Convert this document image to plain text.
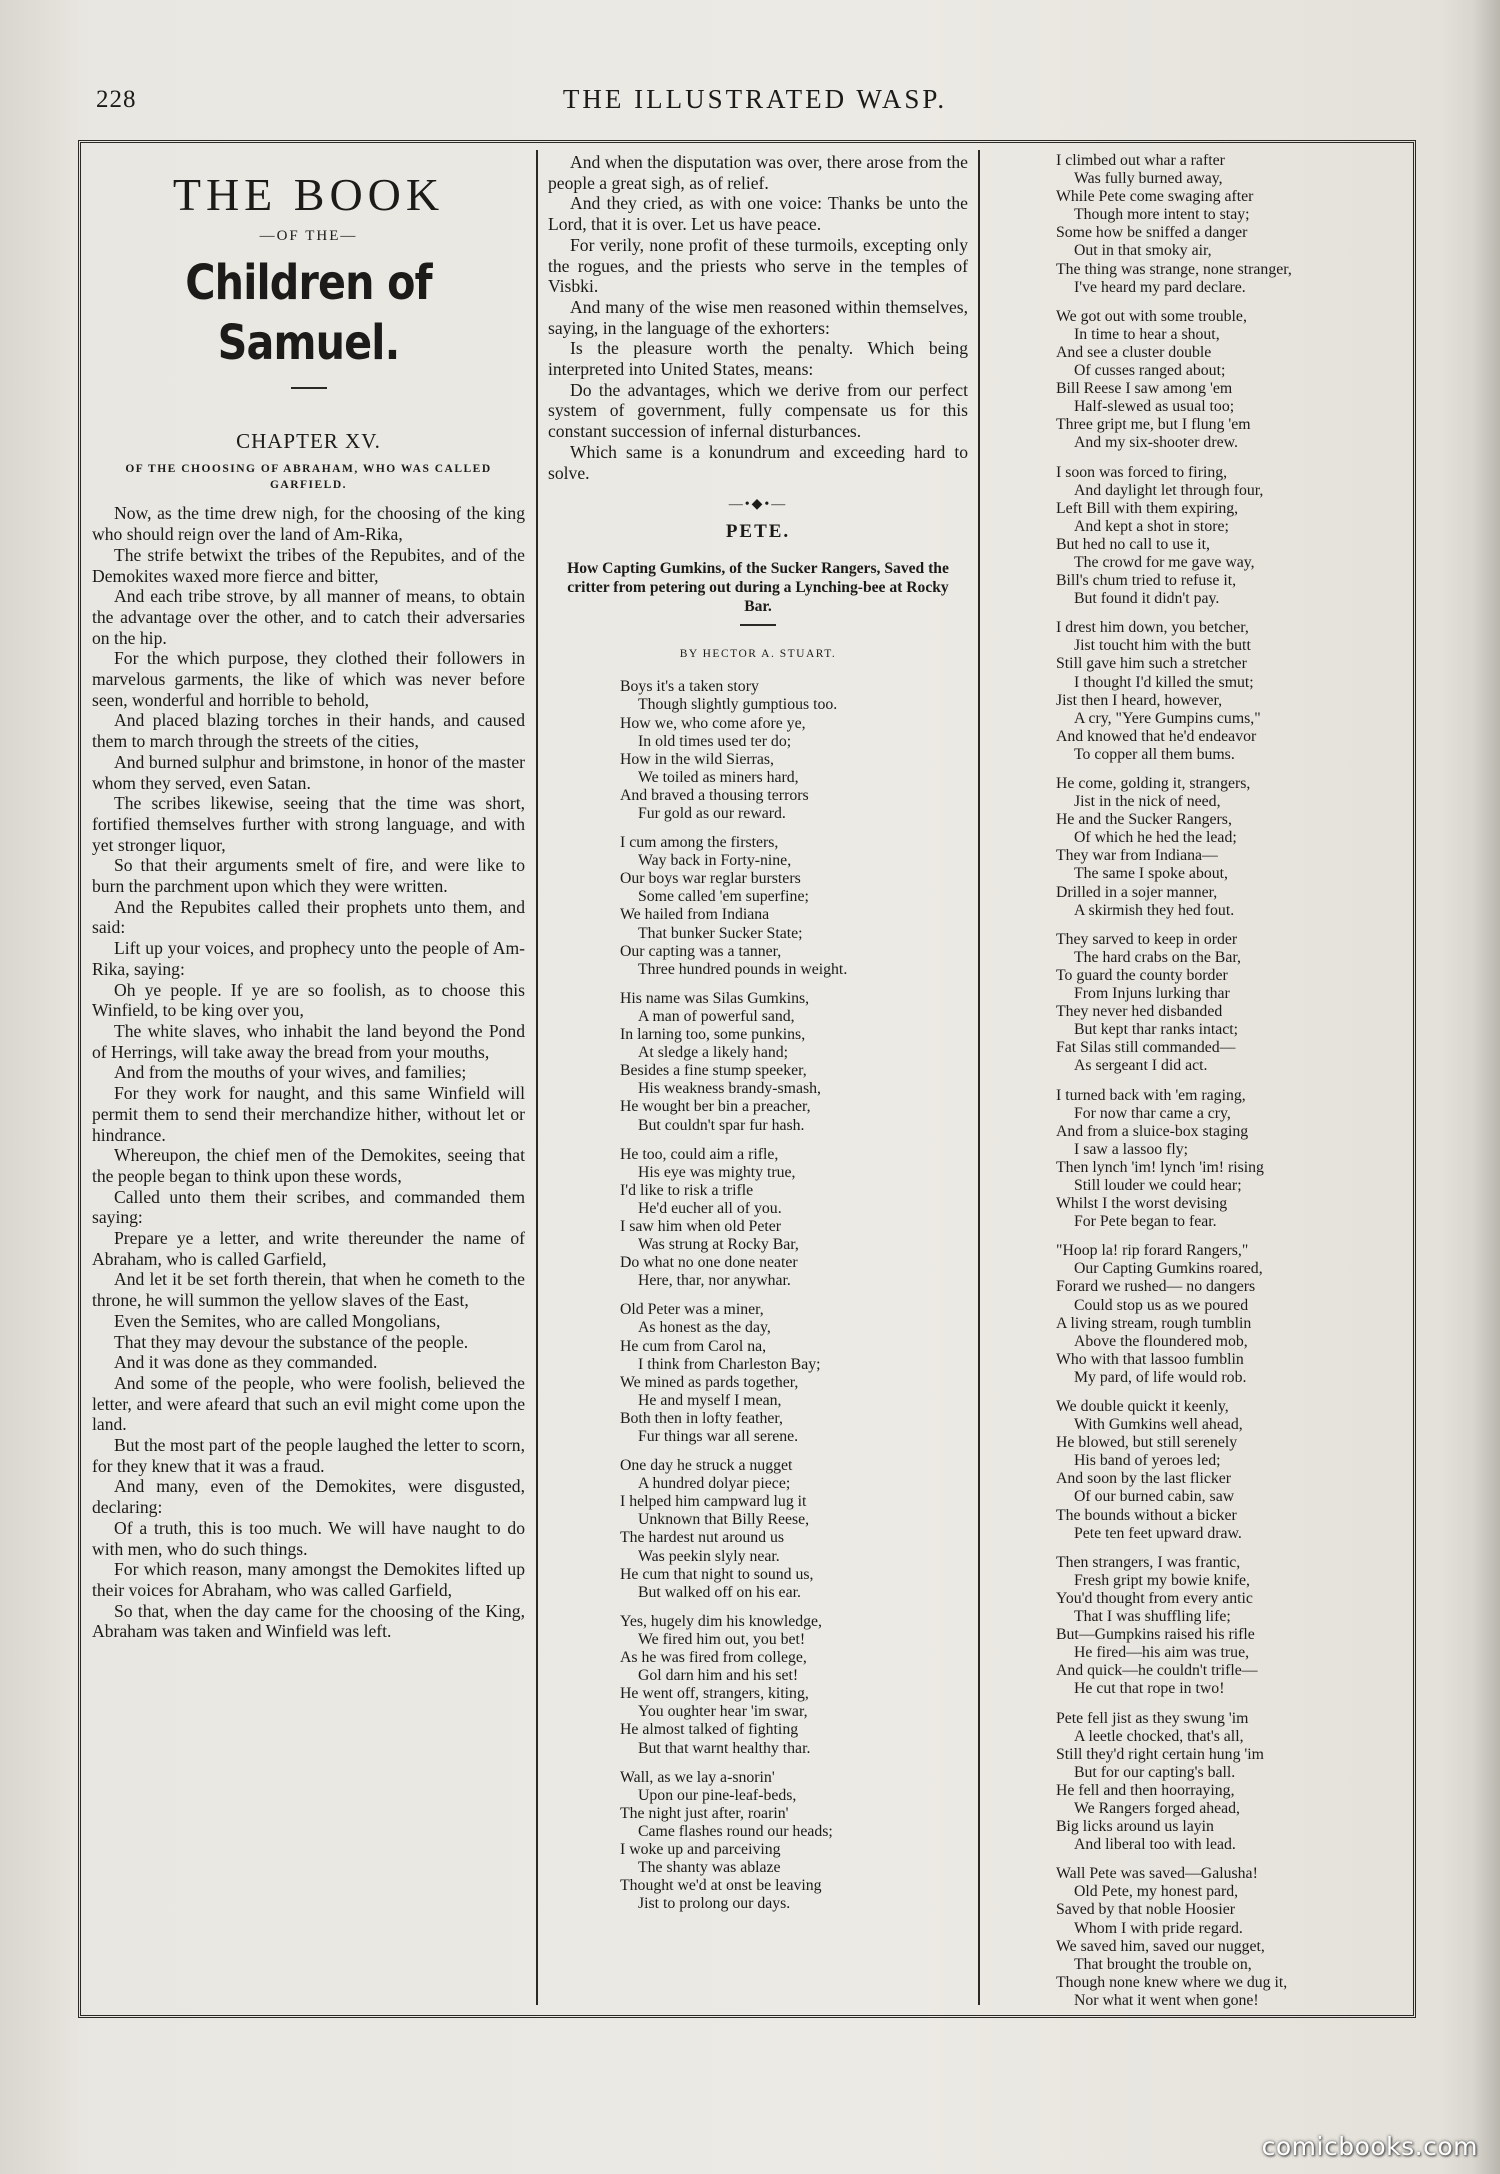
228	THE ILLUSTRATED WASP.
THE BOOK
—OF THE—
Children of Samuel.
CHAPTER XV.
OF THE CHOOSING OF ABRAHAM, WHO WAS CALLED GARFIELD.

Now, as the time drew nigh, for the choosing of the king who should reign over the land of Am-Rika,

The strife betwixt the tribes of the Repubites, and of the Demokites waxed more fierce and bitter,

And each tribe strove, by all manner of means, to obtain the advantage over the other, and to catch their adversaries on the hip.

For the which purpose, they clothed their followers in marvelous garments, the like of which was never before seen, wonderful and horrible to behold,

And placed blazing torches in their hands, and caused them to march through the streets of the cities,

And burned sulphur and brimstone, in honor of the master whom they served, even Satan.

The scribes likewise, seeing that the time was short, fortified themselves further with strong language, and with yet stronger liquor,

So that their arguments smelt of fire, and were like to burn the parchment upon which they were written.

And the Repubites called their prophets unto them, and said:

Lift up your voices, and prophecy unto the people of Am-Rika, saying:

Oh ye people. If ye are so foolish, as to choose this Winfield, to be king over you,

The white slaves, who inhabit the land beyond the Pond of Herrings, will take away the bread from your mouths,

And from the mouths of your wives, and families;

For they work for naught, and this same Winfield will permit them to send their merchandize hither, without let or hindrance.

Whereupon, the chief men of the Demokites, seeing that the people began to think upon these words,

Called unto them their scribes, and commanded them saying:

Prepare ye a letter, and write thereunder the name of Abraham, who is called Garfield,

And let it be set forth therein, that when he cometh to the throne, he will summon the yellow slaves of the East,

Even the Semites, who are called Mongolians,

That they may devour the substance of the people.

And it was done as they commanded.

And some of the people, who were foolish, believed the letter, and were afeard that such an evil might come upon the land.

But the most part of the people laughed the letter to scorn, for they knew that it was a fraud.

And many, even of the Demokites, were disgusted, declaring:

Of a truth, this is too much. We will have naught to do with men, who do such things.

For which reason, many amongst the Demokites lifted up their voices for Abraham, who was called Garfield,

So that, when the day came for the choosing of the King, Abraham was taken and Winfield was left.

And when the disputation was over, there arose from the people a great sigh, as of relief.

And they cried, as with one voice: Thanks be unto the Lord, that it is over. Let us have peace.

For verily, none profit of these turmoils, excepting only the rogues, and the priests who serve in the temples of Visbki.

And many of the wise men reasoned within themselves, saying, in the language of the exhorters:

Is the pleasure worth the penalty. Which being interpreted into United States, means:

Do the advantages, which we derive from our perfect system of government, fully compensate us for this constant succession of infernal disturbances.

Which same is a konundrum and exceeding hard to solve.

—•◆•—
PETE.
How Capting Gumkins, of the Sucker Rangers, Saved the critter from petering out during a Lynching-bee at Rocky Bar.
BY HECTOR A. STUART.
Boys it's a taken story
Though slightly gumptious too.
How we, who come afore ye,
In old times used ter do;
How in the wild Sierras,
We toiled as miners hard,
And braved a thousing terrors
Fur gold as our reward.
I cum among the firsters,
Way back in Forty-nine,
Our boys war reglar bursters
Some called 'em superfine;
We hailed from Indiana
That bunker Sucker State;
Our capting was a tanner,
Three hundred pounds in weight.
His name was Silas Gumkins,
A man of powerful sand,
In larning too, some punkins,
At sledge a likely hand;
Besides a fine stump speeker,
His weakness brandy-smash,
He wought ber bin a preacher,
But couldn't spar fur hash.
He too, could aim a rifle,
His eye was mighty true,
I'd like to risk a trifle
He'd eucher all of you.
I saw him when old Peter
Was strung at Rocky Bar,
Do what no one done neater
Here, thar, nor anywhar.
Old Peter was a miner,
As honest as the day,
He cum from Carol na,
I think from Charleston Bay;
We mined as pards together,
He and myself I mean,
Both then in lofty feather,
Fur things war all serene.
One day he struck a nugget
A hundred dolyar piece;
I helped him campward lug it
Unknown that Billy Reese,
The hardest nut around us
Was peekin slyly near.
He cum that night to sound us,
But walked off on his ear.
Yes, hugely dim his knowledge,
We fired him out, you bet!
As he was fired from college,
Gol darn him and his set!
He went off, strangers, kiting,
You oughter hear 'im swar,
He almost talked of fighting
But that warnt healthy thar.
Wall, as we lay a-snorin'
Upon our pine-leaf-beds,
The night just after, roarin'
Came flashes round our heads;
I woke up and parceiving
The shanty was ablaze
Thought we'd at onst be leaving
Jist to prolong our days.
I climbed out whar a rafter
Was fully burned away,
While Pete come swaging after
Though more intent to stay;
Some how be sniffed a danger
Out in that smoky air,
The thing was strange, none stranger,
I've heard my pard declare.
We got out with some trouble,
In time to hear a shout,
And see a cluster double
Of cusses ranged about;
Bill Reese I saw among 'em
Half-slewed as usual too;
Three gript me, but I flung 'em
And my six-shooter drew.
I soon was forced to firing,
And daylight let through four,
Left Bill with them expiring,
And kept a shot in store;
But hed no call to use it,
The crowd for me gave way,
Bill's chum tried to refuse it,
But found it didn't pay.
I drest him down, you betcher,
Jist toucht him with the butt
Still gave him such a stretcher
I thought I'd killed the smut;
Jist then I heard, however,
A cry, "Yere Gumpins cums,"
And knowed that he'd endeavor
To copper all them bums.
He come, golding it, strangers,
Jist in the nick of need,
He and the Sucker Rangers,
Of which he hed the lead;
They war from Indiana—
The same I spoke about,
Drilled in a sojer manner,
A skirmish they hed fout.
They sarved to keep in order
The hard crabs on the Bar,
To guard the county border
From Injuns lurking thar
They never hed disbanded
But kept thar ranks intact;
Fat Silas still commanded—
As sergeant I did act.
I turned back with 'em raging,
For now thar came a cry,
And from a sluice-box staging
I saw a lassoo fly;
Then lynch 'im! lynch 'im! rising
Still louder we could hear;
Whilst I the worst devising
For Pete began to fear.
"Hoop la! rip forard Rangers,"
Our Capting Gumkins roared,
Forard we rushed— no dangers
Could stop us as we poured
A living stream, rough tumblin
Above the floundered mob,
Who with that lassoo fumblin
My pard, of life would rob.
We double quickt it keenly,
With Gumkins well ahead,
He blowed, but still serenely
His band of yeroes led;
And soon by the last flicker
Of our burned cabin, saw
The bounds without a bicker
Pete ten feet upward draw.
Then strangers, I was frantic,
Fresh gript my bowie knife,
You'd thought from every antic
That I was shuffling life;
But—Gumpkins raised his rifle
He fired—his aim was true,
And quick—he couldn't trifle—
He cut that rope in two!
Pete fell jist as they swung 'im
A leetle chocked, that's all,
Still they'd right certain hung 'im
But for our capting's ball.
He fell and then hoorraying,
We Rangers forged ahead,
Big licks around us layin
And liberal too with lead.
Wall Pete was saved—Galusha!
Old Pete, my honest pard,
Saved by that noble Hoosier
Whom I with pride regard.
We saved him, saved our nugget,
That brought the trouble on,
Though none knew where we dug it,
Nor what it went when gone!
comicbooks.com
